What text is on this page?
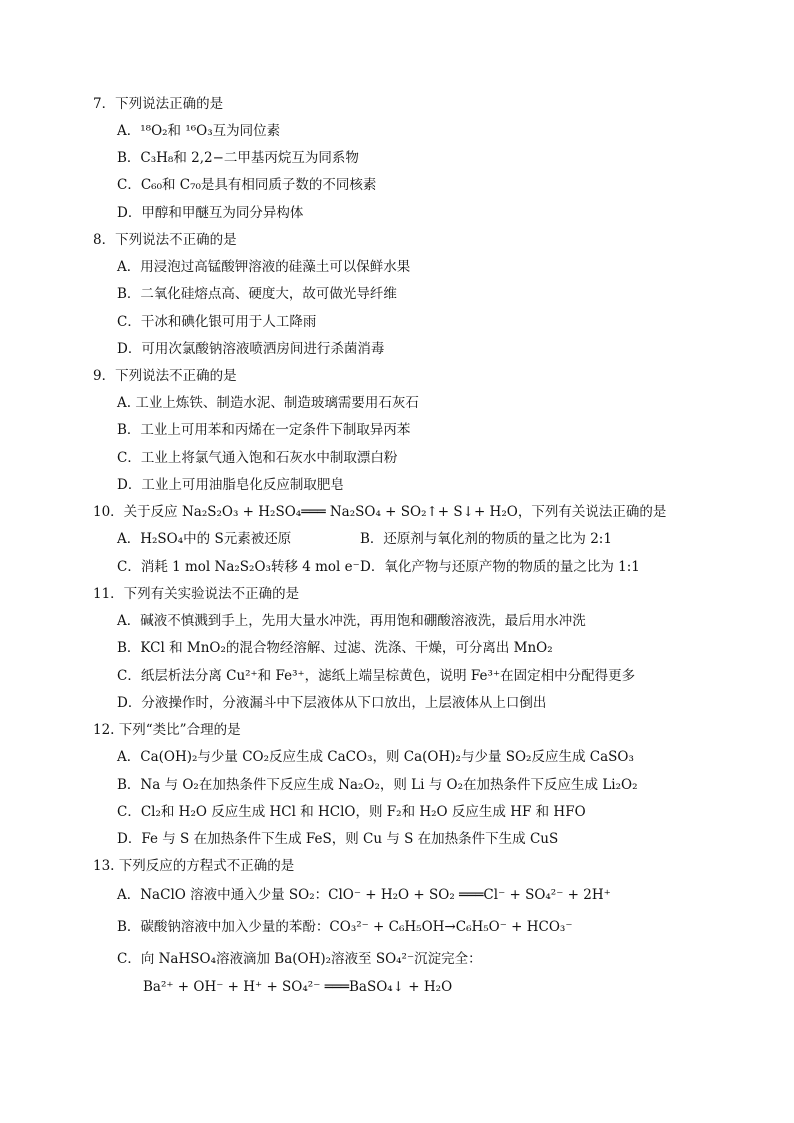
7．下列说法正确的是
A．¹⁸O₂和 ¹⁶O₃互为同位素
B．C₃H₈和 2,2−二甲基丙烷互为同系物
C．C₆₀和 C₇₀是具有相同质子数的不同核素
D．甲醇和甲醚互为同分异构体
8．下列说法不正确的是
A．用浸泡过高锰酸钾溶液的硅藻土可以保鲜水果
B．二氧化硅熔点高、硬度大，故可做光导纤维
C．干冰和碘化银可用于人工降雨
D．可用次氯酸钠溶液喷洒房间进行杀菌消毒
9．下列说法不正确的是
A. 工业上炼铁、制造水泥、制造玻璃需要用石灰石
B．工业上可用苯和丙烯在一定条件下制取异丙苯
C．工业上将氯气通入饱和石灰水中制取漂白粉
D．工业上可用油脂皂化反应制取肥皂
10．关于反应 Na₂S₂O₃ + H₂SO₄═══ Na₂SO₄ + SO₂↑+ S↓+ H₂O，下列有关说法正确的是
A．H₂SO₄中的 S元素被还原	B．还原剂与氧化剂的物质的量之比为 2:1
C．消耗 1 mol Na₂S₂O₃转移 4 mol e⁻ D．氧化产物与还原产物的物质的量之比为 1:1
11．下列有关实验说法不正确的是
A．碱液不慎溅到手上，先用大量水冲洗，再用饱和硼酸溶液洗，最后用水冲洗
B．KCl 和 MnO₂的混合物经溶解、过滤、洗涤、干燥，可分离出 MnO₂
C．纸层析法分离 Cu²⁺和 Fe³⁺，滤纸上端呈棕黄色，说明 Fe³⁺在固定相中分配得更多
D．分液操作时，分液漏斗中下层液体从下口放出，上层液体从上口倒出
12. 下列“类比”合理的是
A．Ca(OH)₂与少量 CO₂反应生成 CaCO₃，则 Ca(OH)₂与少量 SO₂反应生成 CaSO₃
B．Na 与 O₂在加热条件下反应生成 Na₂O₂，则 Li 与 O₂在加热条件下反应生成 Li₂O₂
C．Cl₂和 H₂O 反应生成 HCl 和 HClO，则 F₂和 H₂O 反应生成 HF 和 HFO
D．Fe 与 S 在加热条件下生成 FeS，则 Cu 与 S 在加热条件下生成 CuS
13. 下列反应的方程式不正确的是
A．NaClO 溶液中通入少量 SO₂：ClO⁻ + H₂O + SO₂ ═══Cl⁻ + SO₄²⁻ + 2H⁺
B．碳酸钠溶液中加入少量的苯酚：CO₃²⁻ + C₆H₅OH→C₆H₅O⁻ + HCO₃⁻
C．向 NaHSO₄溶液滴加 Ba(OH)₂溶液至 SO₄²⁻沉淀完全：
Ba²⁺ + OH⁻ + H⁺ + SO₄²⁻ ═══BaSO₄↓ + H₂O
